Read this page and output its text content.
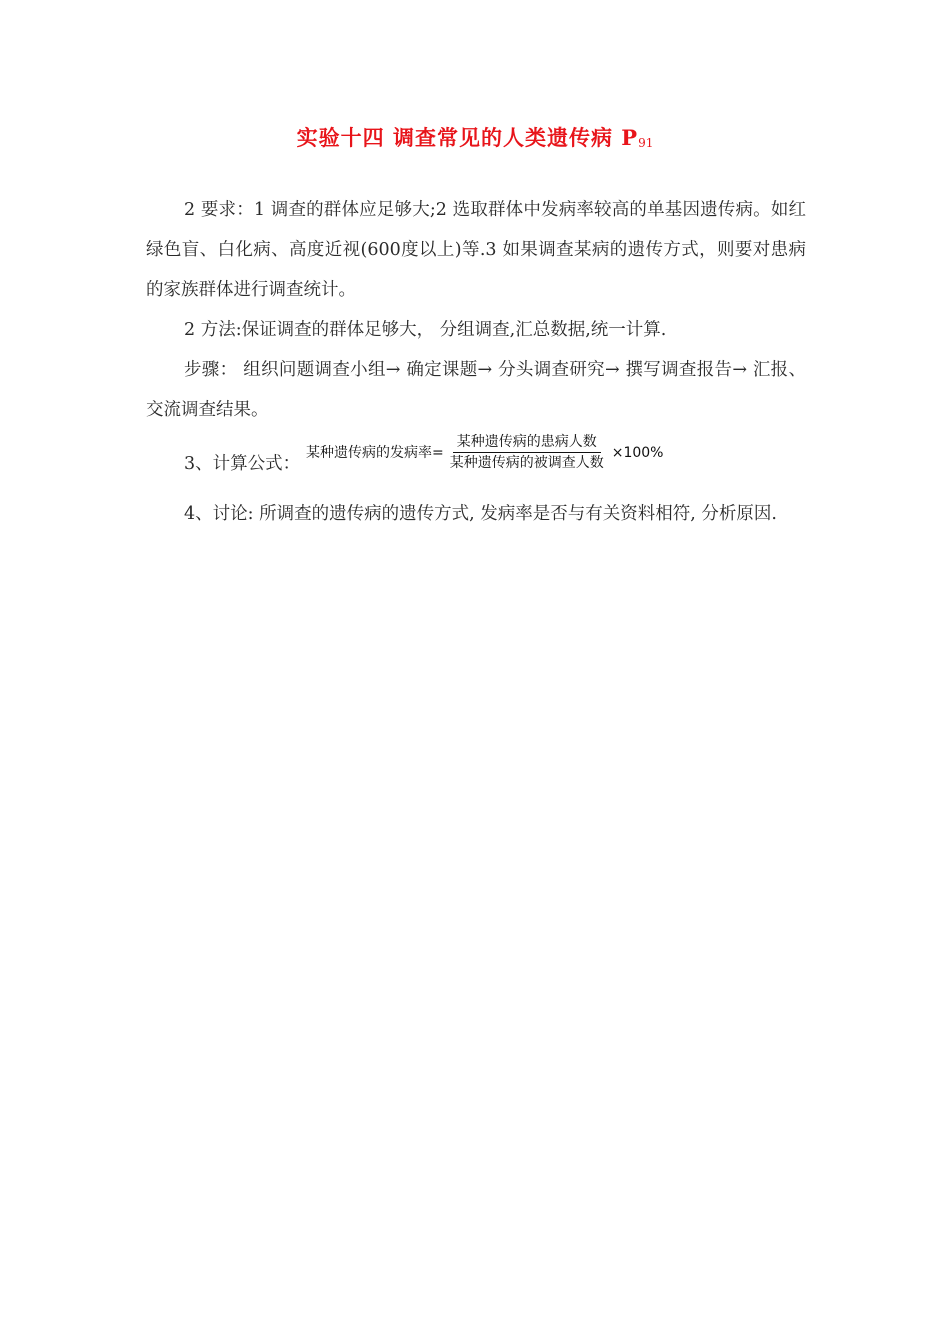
实验十四 调查常见的人类遗传病 P91

2 要求：1 调查的群体应足够大;2 选取群体中发病率较高的单基因遗传病。如红绿色盲、白化病、高度近视(600度以上)等.3 如果调查某病的遗传方式，则要对患病的家族群体进行调查统计。

2 方法:保证调查的群体足够大， 分组调查,汇总数据,统一计算.

步骤： 组织问题调查小组→ 确定课题→ 分头调查研究→ 撰写调查报告→ 汇报、交流调查结果。

3、计算公式：
某种遗传病的发病率= $\frac{\text{某种遗传病的患病人数}}{\text{某种遗传病的被调查人数}} \times 100\%$

4、讨论: 所调查的遗传病的遗传方式, 发病率是否与有关资料相符, 分析原因.
